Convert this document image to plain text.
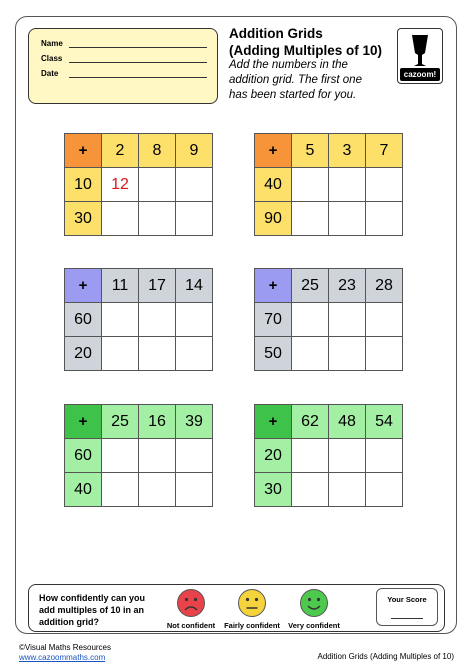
Name
Class
Date
Addition Grids
(Adding Multiples of 10)
Add the numbers in the addition grid. The first one has been started for you.
cazoom!
+	2	8	9
10	12		
30			
+	5	3	7
40			
90			
+	11	17	14
60			
20			
+	25	23	28
70			
50			
+	25	16	39
60			
40			
+	62	48	54
20			
30			
How confidently can you add multiples of 10 in an addition grid?	Not confident	Fairly confident	Very confident
Your Score
©Visual Maths Resources
www.cazoommaths.com	Addition Grids (Adding Multiples of 10)
